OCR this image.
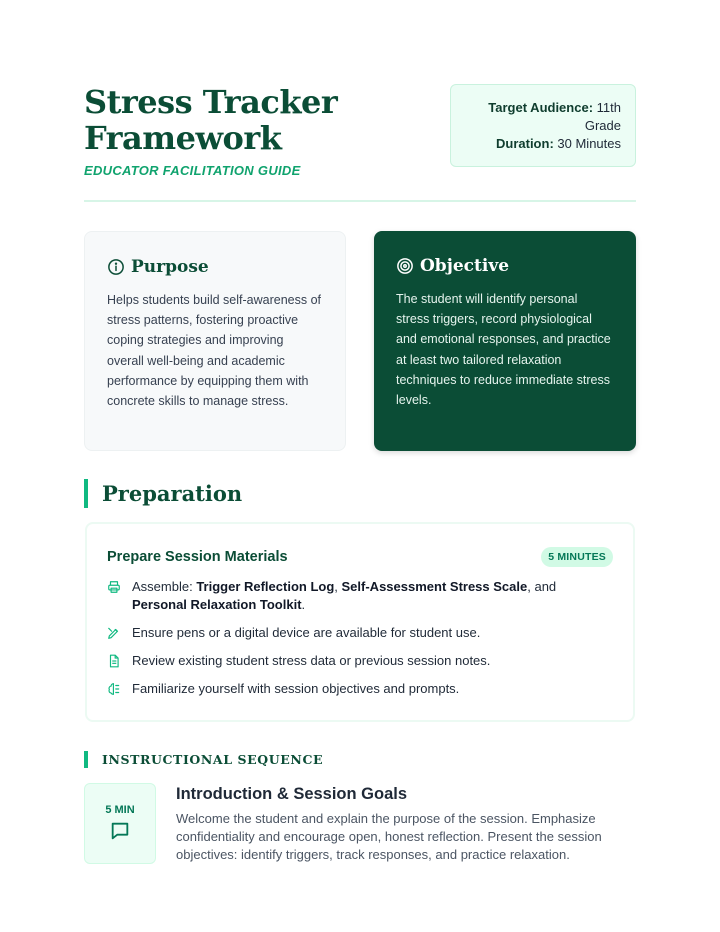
Stress Tracker Framework
EDUCATOR FACILITATION GUIDE
Target Audience: 11th Grade
Duration: 30 Minutes
Purpose

Helps students build self-awareness of stress patterns, fostering proactive coping strategies and improving overall well-being and academic performance by equipping them with concrete skills to manage stress.

Objective

The student will identify personal stress triggers, record physiological and emotional responses, and practice at least two tailored relaxation techniques to reduce immediate stress levels.

Preparation
Prepare Session Materials	5 MINUTES
Assemble: Trigger Reflection Log, Self-Assessment Stress Scale, and Personal Relaxation Toolkit.
Ensure pens or a digital device are available for student use.
Review existing student stress data or previous session notes.
Familiarize yourself with session objectives and prompts.
INSTRUCTIONAL SEQUENCE
5 MIN
Introduction & Session Goals

Welcome the student and explain the purpose of the session. Emphasize confidentiality and encourage open, honest reflection. Present the session objectives: identify triggers, track responses, and practice relaxation.
